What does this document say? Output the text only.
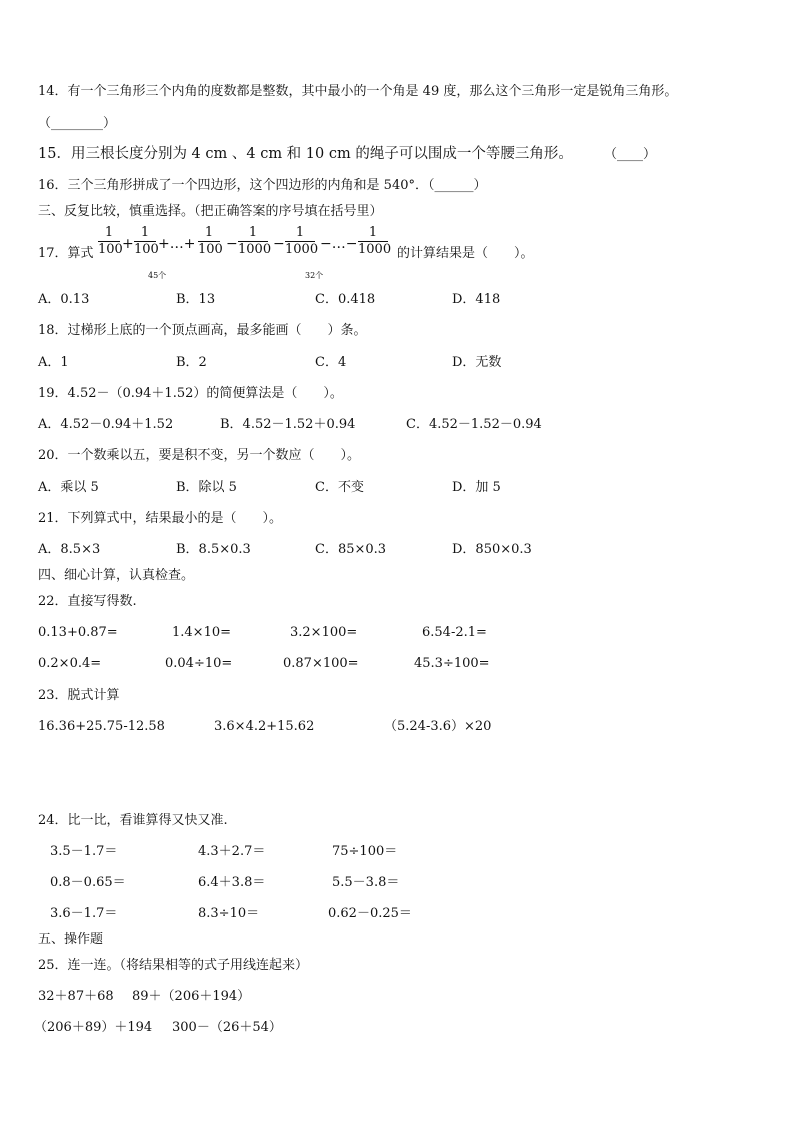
14．有一个三角形三个内角的度数都是整数，其中最小的一个角是 49 度，那么这个三角形一定是锐角三角形。
（________）
15．用三根长度分别为 4 cm 、4 cm 和 10 cm 的绳子可以围成一个等腰三角形。 （____）
16．三个三角形拼成了一个四边形，这个四边形的内角和是 540°．（______）
三、反复比较，慎重选择。（把正确答案的序号填在括号里）
17．算式
1
100 +
1
100 +…+
1
100 −
1
1000 −
1
1000 −…−
1
1000 的计算结果是（　　）。
45个	32个
A．0.13	B．13	C．0.418	D．418
18．过梯形上底的一个顶点画高，最多能画（　　）条。
A．1	B．2	C．4	D．无数
19．4.52－（0.94＋1.52）的简便算法是（　　）。
A．4.52－0.94＋1.52	B．4.52－1.52＋0.94	C．4.52－1.52－0.94
20．一个数乘以五，要是积不变，另一个数应（　　）。
A．乘以 5	B．除以 5	C．不变	D．加 5
21．下列算式中，结果最小的是（　　）。
A．8.5×3	B．8.5×0.3	C．85×0.3	D．850×0.3
四、细心计算，认真检查。
22．直接写得数.
0.13+0.87=	1.4×10=	3.2×100=	6.54-2.1=
0.2×0.4=	0.04÷10=	0.87×100=	45.3÷100=
23．脱式计算
16.36+25.75-12.58	3.6×4.2+15.62	（5.24-3.6）×20
24．比一比，看谁算得又快又准.
3.5－1.7＝	4.3＋2.7＝	75÷100＝
0.8－0.65＝	6.4＋3.8＝	5.5－3.8＝
3.6－1.7＝	8.3÷10＝	0.62－0.25＝
五、操作题
25．连一连。（将结果相等的式子用线连起来）
32＋87＋68 89＋（206＋194）
（206＋89）＋194 300－（26＋54）
